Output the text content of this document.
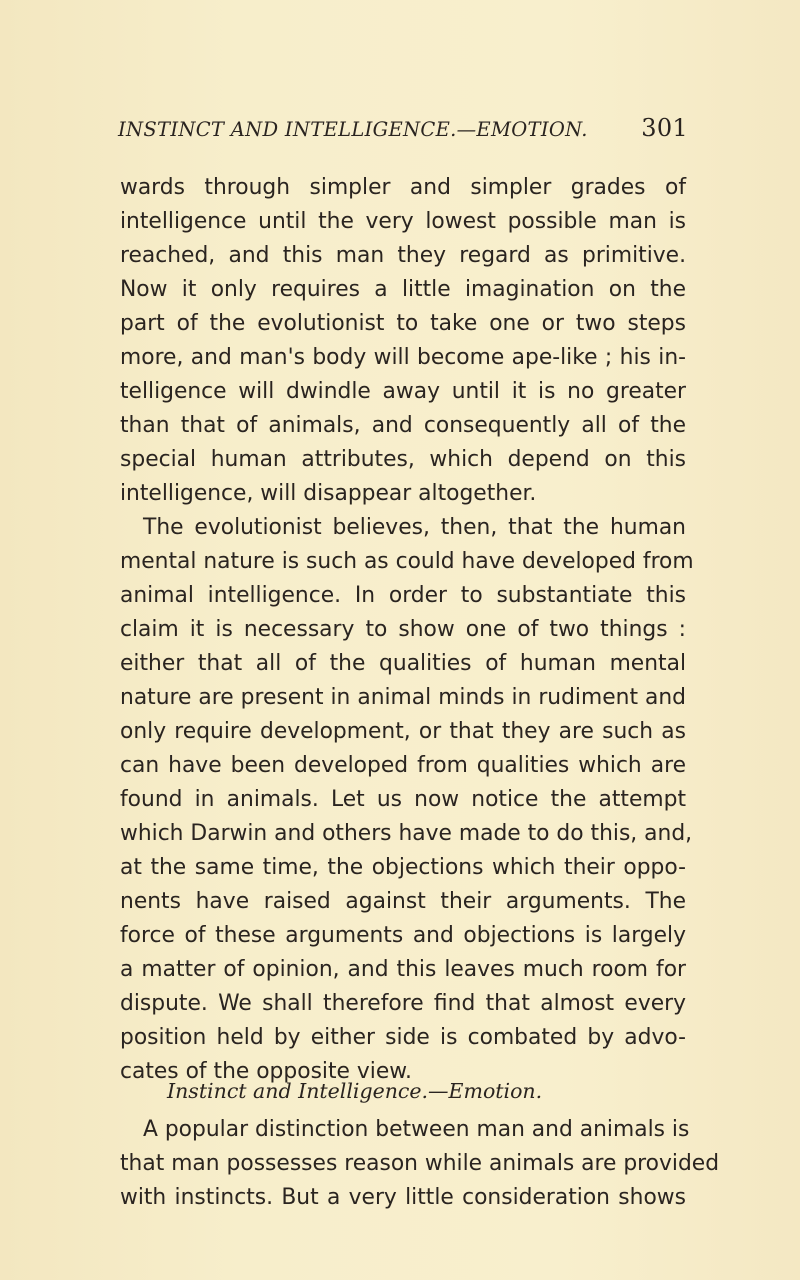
INSTINCT AND INTELLIGENCE.—EMOTION. 301
wards through simpler and simpler grades of
intelligence until the very lowest possible man is
reached, and this man they regard as primitive.
Now it only requires a little imagination on the
part of the evolutionist to take one or two steps
more, and man's body will become ape-like ; his in-
telligence will dwindle away until it is no greater
than that of animals, and consequently all of the
special human attributes, which depend on this
intelligence, will disappear altogether.
The evolutionist believes, then, that the human
mental nature is such as could have developed from
animal intelligence. In order to substantiate this
claim it is necessary to show one of two things :
either that all of the qualities of human mental
nature are present in animal minds in rudiment and
only require development, or that they are such as
can have been developed from qualities which are
found in animals. Let us now notice the attempt
which Darwin and others have made to do this, and,
at the same time, the objections which their oppo-
nents have raised against their arguments. The
force of these arguments and objections is largely
a matter of opinion, and this leaves much room for
dispute. We shall therefore find that almost every
position held by either side is combated by advo-
cates of the opposite view.
Instinct and Intelligence.—Emotion.
A popular distinction between man and animals is
that man possesses reason while animals are provided
with instincts. But a very little consideration shows
